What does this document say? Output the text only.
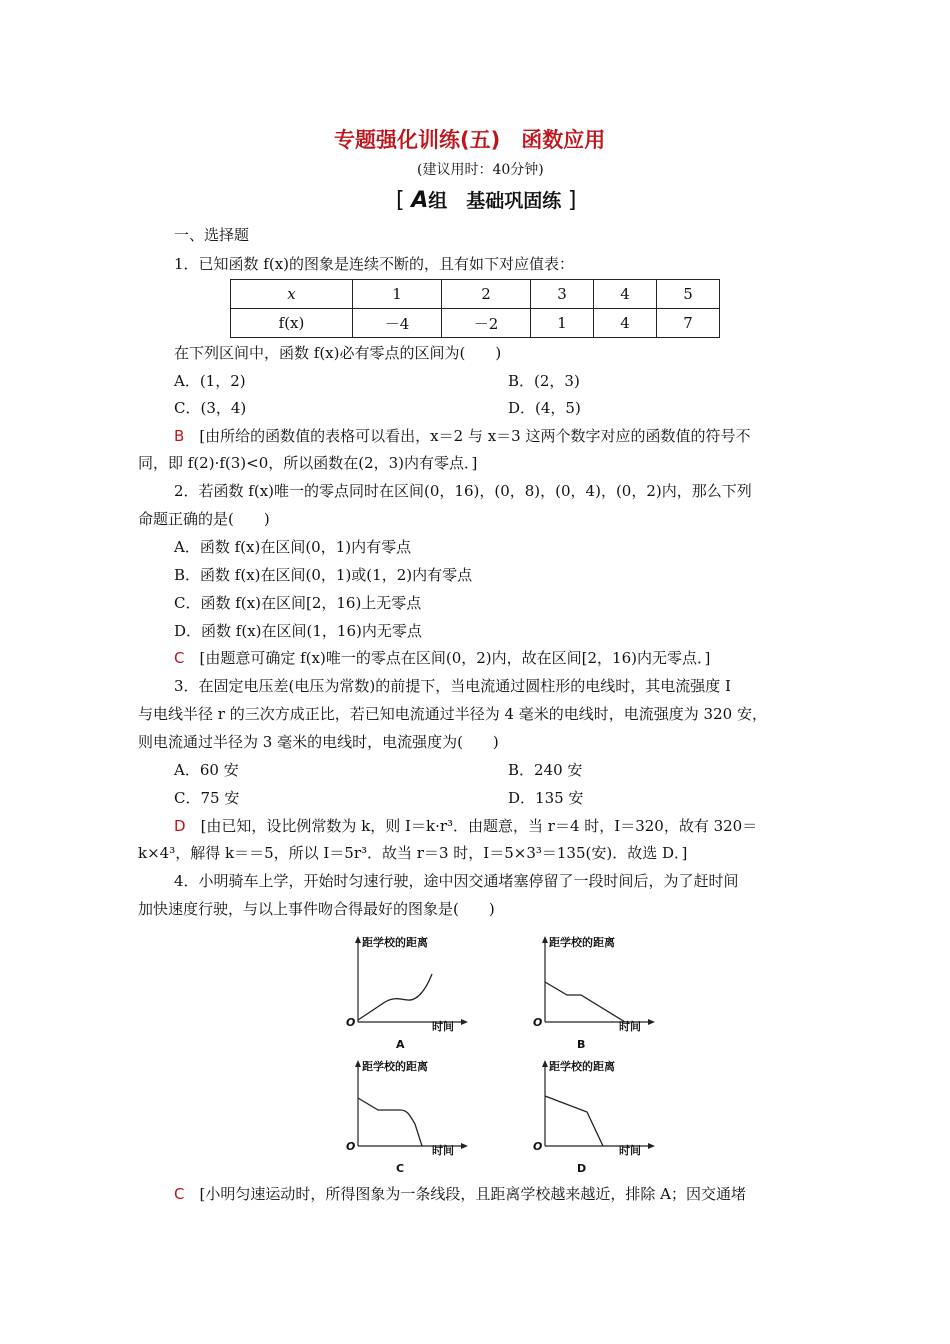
专题强化训练(五)　函数应用
(建议用时：40分钟)
[ A组　基础巩固练 ]
一、选择题
1．已知函数 f(x)的图象是连续不断的，且有如下对应值表：
x	1	2	3	4	5
f(x)	－4	－2	1	4	7
在下列区间中，函数 f(x)必有零点的区间为(　　)
A．(1，2)	B．(2，3)
C．(3，4)	D．(4，5)
B　 [由所给的函数值的表格可以看出，x＝2 与 x＝3 这两个数字对应的函数值的符号不
同，即 f(2)·f(3)<0，所以函数在(2，3)内有零点．]
2．若函数 f(x)唯一的零点同时在区间(0，16)，(0，8)，(0，4)，(0，2)内，那么下列
命题正确的是(　　)
A．函数 f(x)在区间(0，1)内有零点
B．函数 f(x)在区间(0，1)或(1，2)内有零点
C．函数 f(x)在区间[2，16)上无零点
D．函数 f(x)在区间(1，16)内无零点
C　 [由题意可确定 f(x)唯一的零点在区间(0，2)内，故在区间[2，16)内无零点．]
3．在固定电压差(电压为常数)的前提下，当电流通过圆柱形的电线时，其电流强度 I
与电线半径 r 的三次方成正比，若已知电流通过半径为 4 毫米的电线时，电流强度为 320 安，
则电流通过半径为 3 毫米的电线时，电流强度为(　　)
A．60 安	B．240 安
C．75 安	D．135 安
D　 [由已知，设比例常数为 k，则 I＝k·r³．由题意，当 r＝4 时，I＝320，故有 320＝
k×4³，解得 k＝＝5，所以 I＝5r³．故当 r＝3 时，I＝5×3³＝135(安)．故选 D．]
4．小明骑车上学，开始时匀速行驶，途中因交通堵塞停留了一段时间后，为了赶时间
加快速度行驶，与以上事件吻合得最好的图象是(　　)
距学校的距离
O	时间
A
距学校的距离
O	时间
B
距学校的距离
O	时间
C
距学校的距离
O	时间
D
C　 [小明匀速运动时，所得图象为一条线段，且距离学校越来越近，排除 A；因交通堵
